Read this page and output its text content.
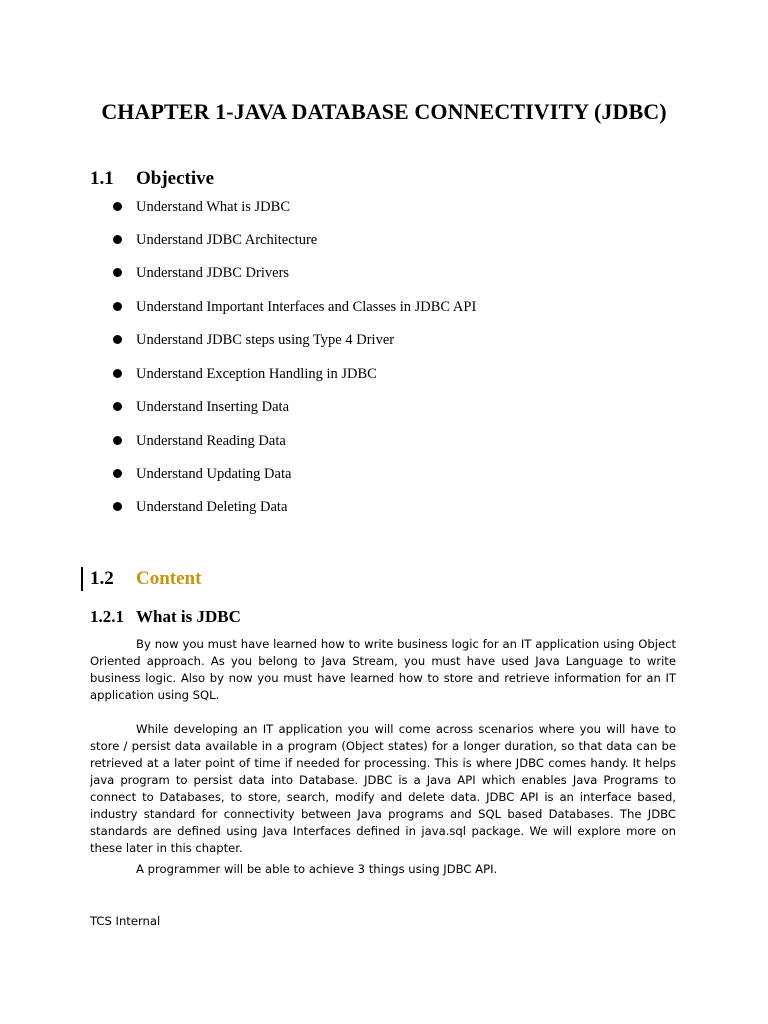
CHAPTER 1-JAVA DATABASE CONNECTIVITY (JDBC)
1.1 Objective
Understand What is JDBC
Understand JDBC Architecture
Understand JDBC Drivers
Understand Important Interfaces and Classes in JDBC API
Understand JDBC steps using Type 4 Driver
Understand Exception Handling in JDBC
Understand Inserting Data
Understand Reading Data
Understand Updating Data
Understand Deleting Data
1.2 Content
1.2.1 What is JDBC

By now you must have learned how to write business logic for an IT application using Object Oriented approach. As you belong to Java Stream, you must have used Java Language to write business logic. Also by now you must have learned how to store and retrieve information for an IT application using SQL.

While developing an IT application you will come across scenarios where you will have to store / persist data available in a program (Object states) for a longer duration, so that data can be retrieved at a later point of time if needed for processing. This is where JDBC comes handy. It helps java program to persist data into Database. JDBC is a Java API which enables Java Programs to connect to Databases, to store, search, modify and delete data. JDBC API is an interface based, industry standard for connectivity between Java programs and SQL based Databases. The JDBC standards are defined using Java Interfaces defined in java.sql package. We will explore more on these later in this chapter.

A programmer will be able to achieve 3 things using JDBC API.

TCS Internal
